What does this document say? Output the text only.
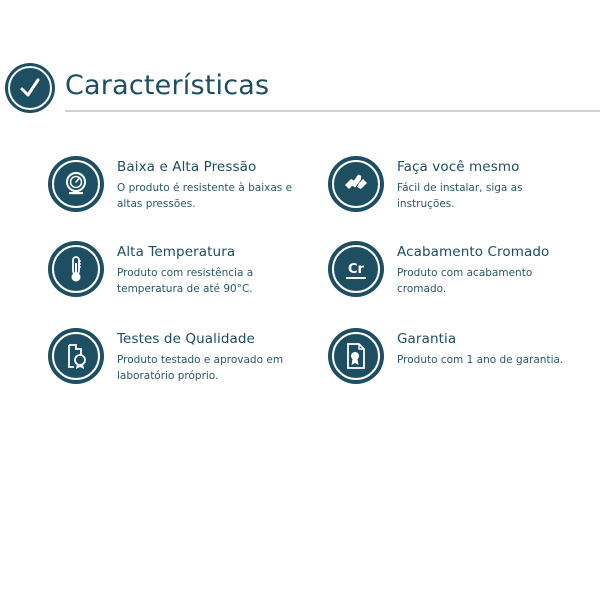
Características
Baixa e Alta Pressão
O produto é resistente à baixas e altas pressões.
Faça você mesmo
Fácil de instalar, siga as instruções.
Alta Temperatura
Produto com resistência a temperatura de até 90°C.
Cr
Acabamento Cromado
Produto com acabamento cromado.
Testes de Qualidade
Produto testado e aprovado em laboratório próprio.
Garantia
Produto com 1 ano de garantia.
